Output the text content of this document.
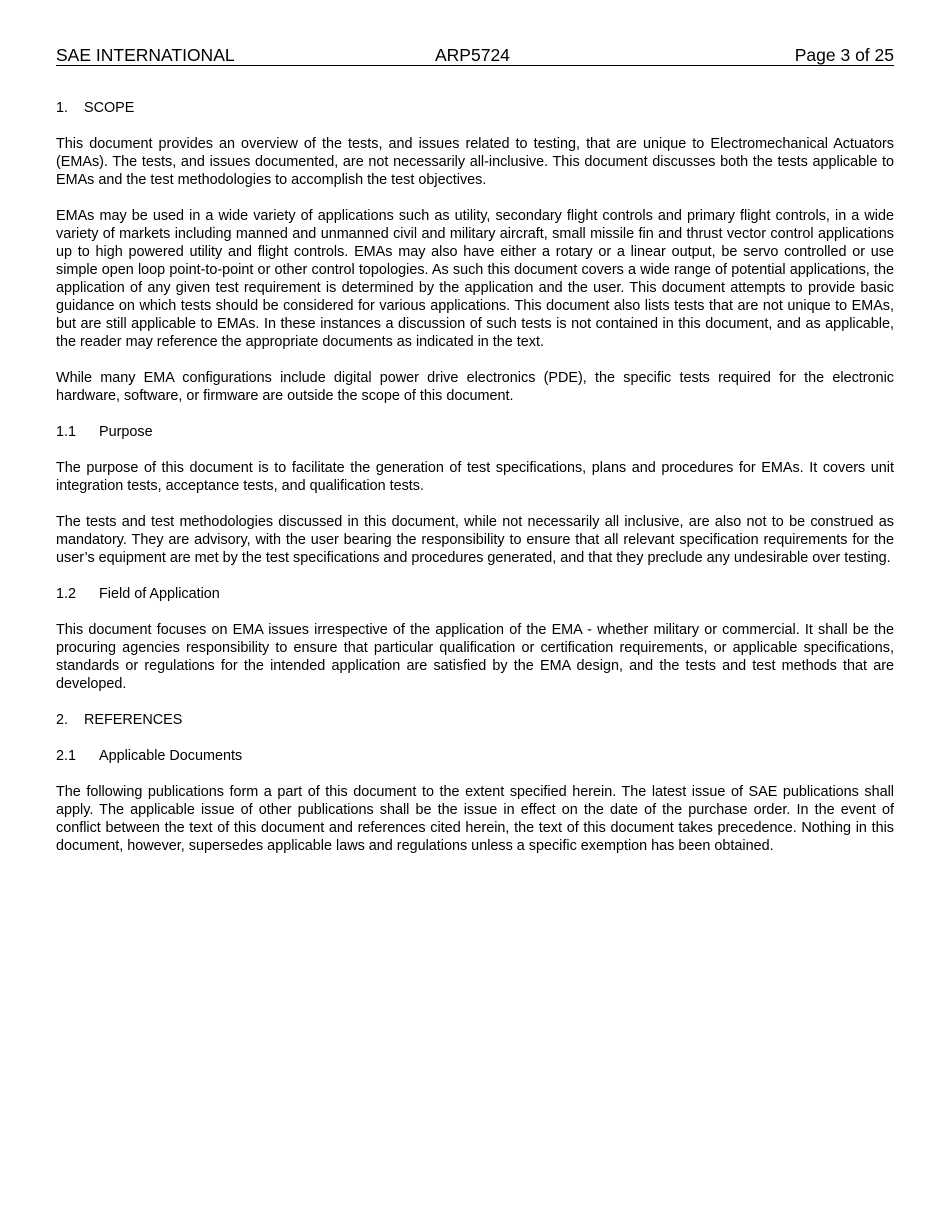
SAE INTERNATIONAL	ARP5724	Page 3 of 25
1. SCOPE

This document provides an overview of the tests, and issues related to testing, that are unique to Electromechanical Actuators (EMAs). The tests, and issues documented, are not necessarily all-inclusive. This document discusses both the tests applicable to EMAs and the test methodologies to accomplish the test objectives.

EMAs may be used in a wide variety of applications such as utility, secondary flight controls and primary flight controls, in a wide variety of markets including manned and unmanned civil and military aircraft, small missile fin and thrust vector control applications up to high powered utility and flight controls. EMAs may also have either a rotary or a linear output, be servo controlled or use simple open loop point-to-point or other control topologies. As such this document covers a wide range of potential applications, the application of any given test requirement is determined by the application and the user. This document attempts to provide basic guidance on which tests should be considered for various applications. This document also lists tests that are not unique to EMAs, but are still applicable to EMAs. In these instances a discussion of such tests is not contained in this document, and as applicable, the reader may reference the appropriate documents as indicated in the text.

While many EMA configurations include digital power drive electronics (PDE), the specific tests required for the electronic hardware, software, or firmware are outside the scope of this document.

1.1 Purpose

The purpose of this document is to facilitate the generation of test specifications, plans and procedures for EMAs. It covers unit integration tests, acceptance tests, and qualification tests.

The tests and test methodologies discussed in this document, while not necessarily all inclusive, are also not to be construed as mandatory. They are advisory, with the user bearing the responsibility to ensure that all relevant specification requirements for the user’s equipment are met by the test specifications and procedures generated, and that they preclude any undesirable over testing.

1.2 Field of Application

This document focuses on EMA issues irrespective of the application of the EMA - whether military or commercial. It shall be the procuring agencies responsibility to ensure that particular qualification or certification requirements, or applicable specifications, standards or regulations for the intended application are satisfied by the EMA design, and the tests and test methods that are developed.

2. REFERENCES
2.1 Applicable Documents

The following publications form a part of this document to the extent specified herein. The latest issue of SAE publications shall apply. The applicable issue of other publications shall be the issue in effect on the date of the purchase order. In the event of conflict between the text of this document and references cited herein, the text of this document takes precedence. Nothing in this document, however, supersedes applicable laws and regulations unless a specific exemption has been obtained.
